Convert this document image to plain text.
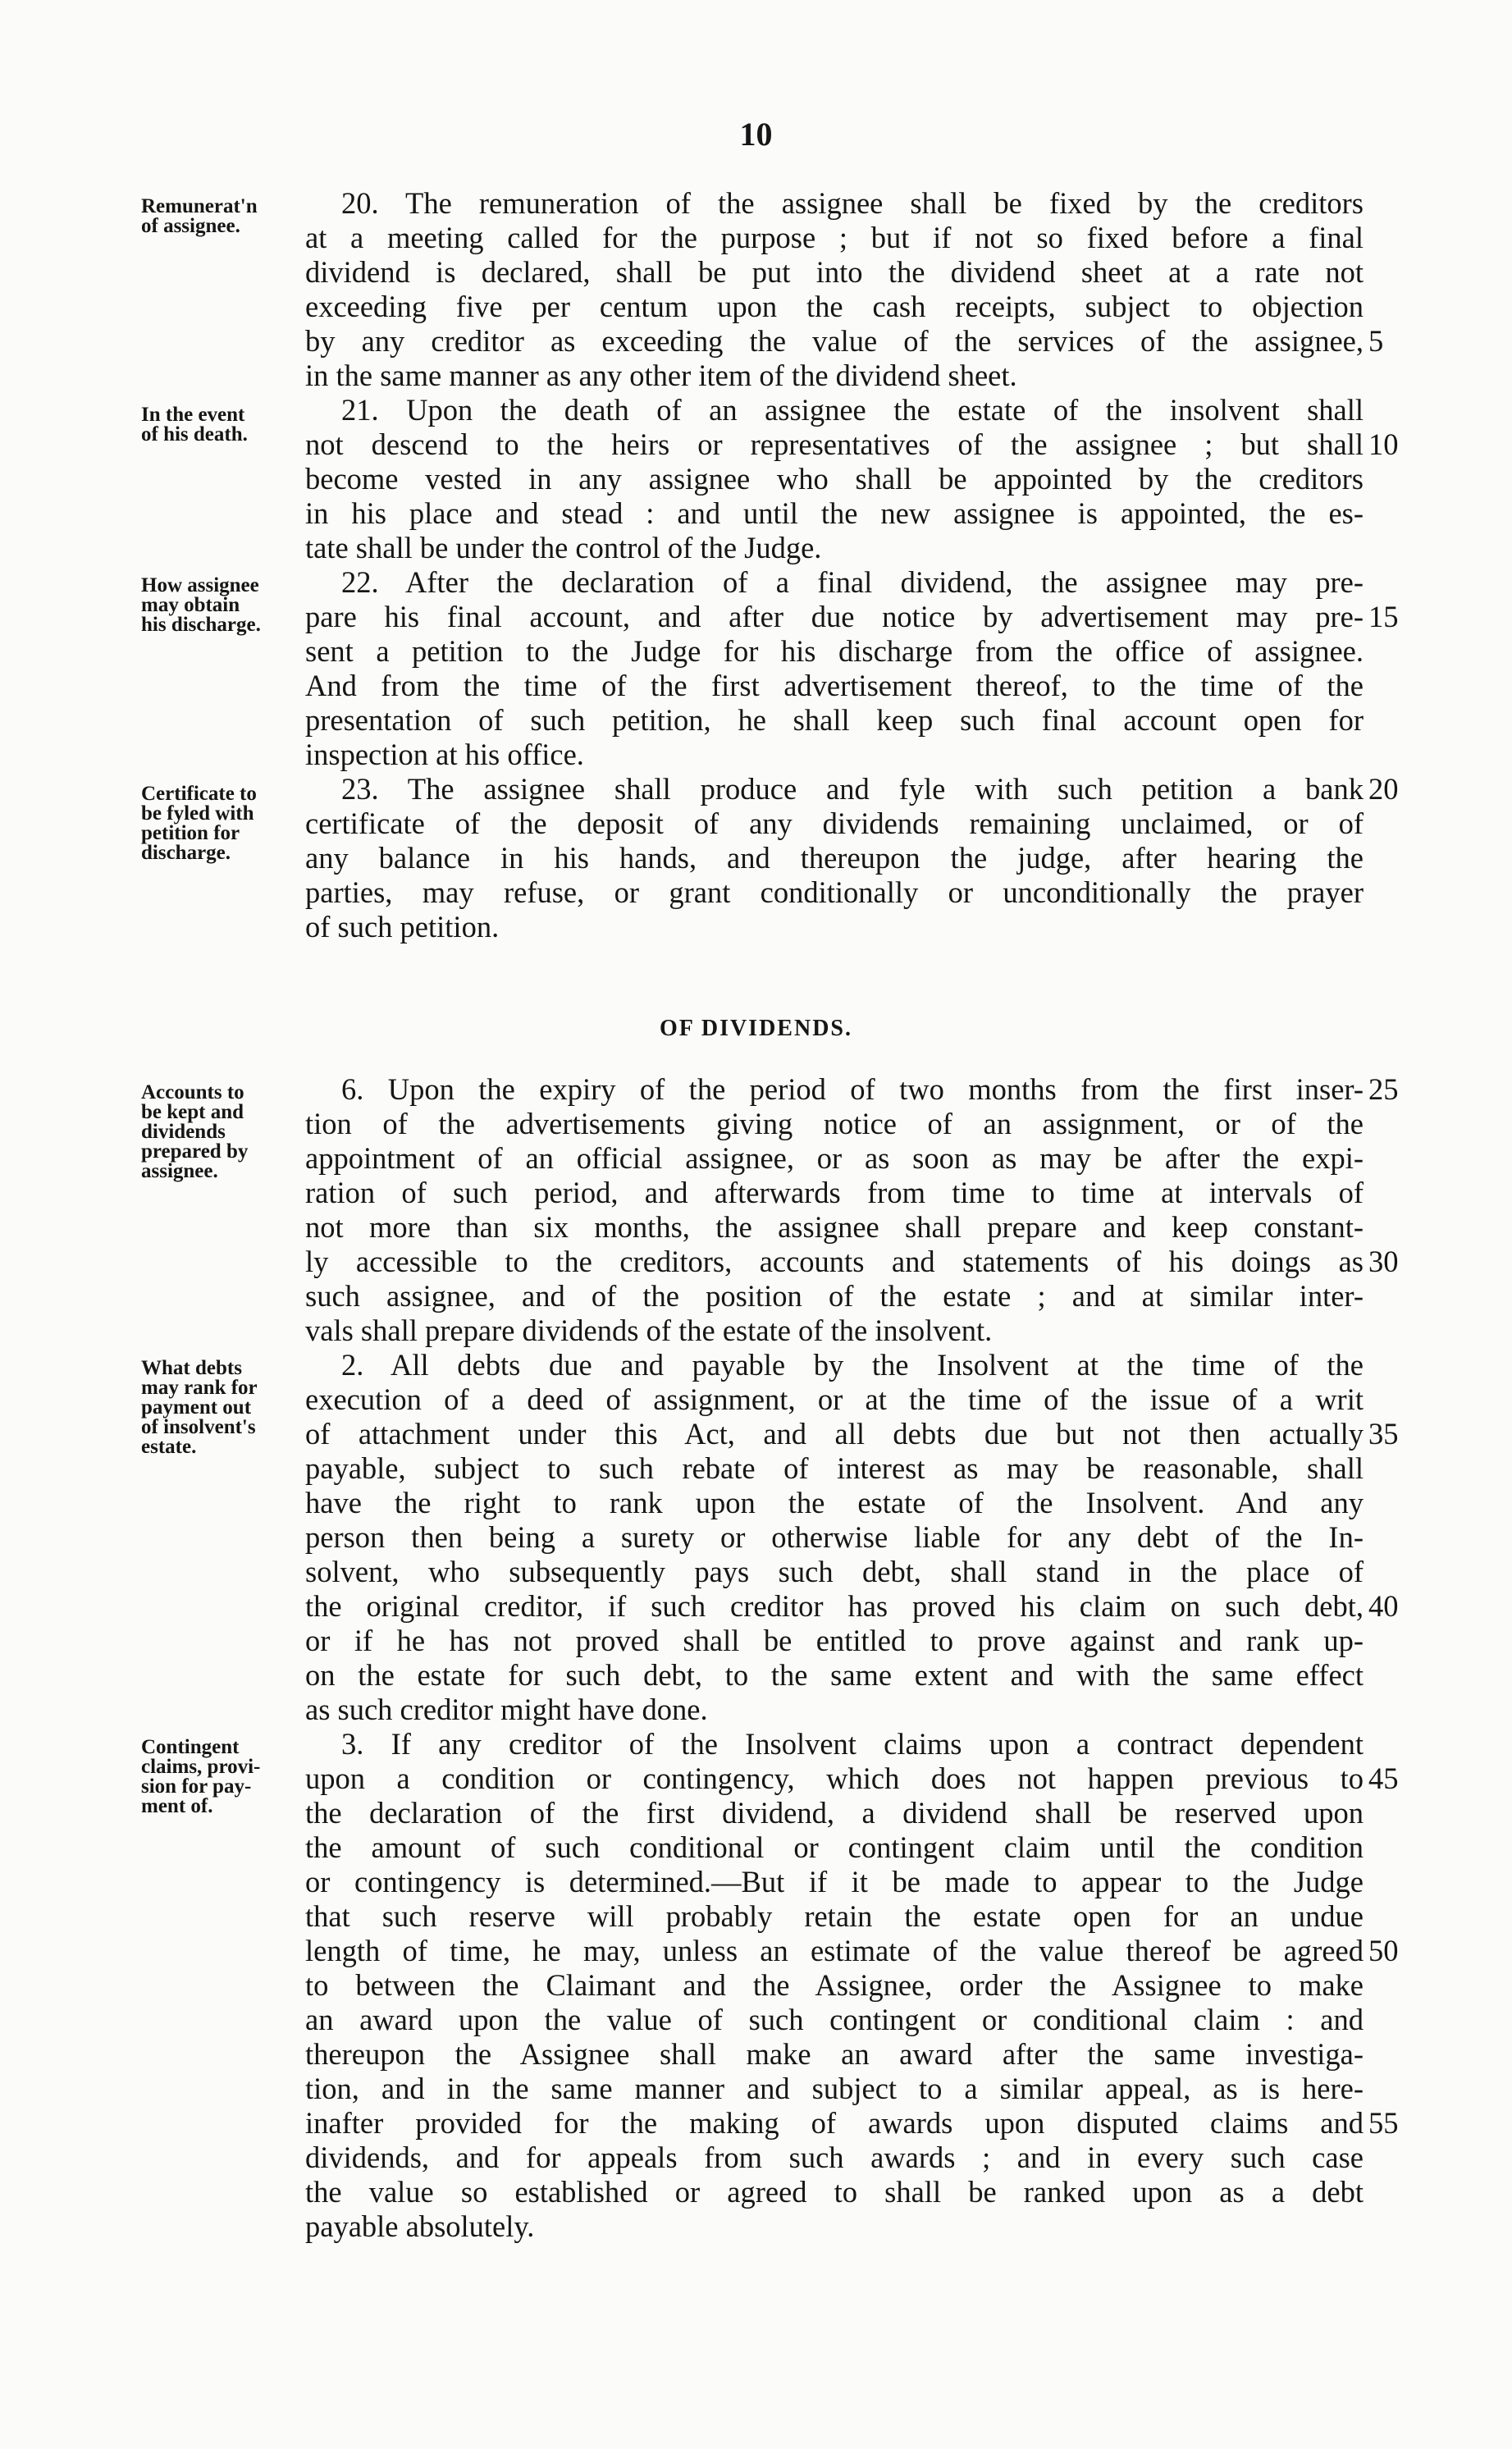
10
Remunerat'n
of assignee.
20. The remuneration of the assignee shall be fixed by the creditors
at a meeting called for the purpose ; but if not so fixed before a final
dividend is declared, shall be put into the dividend sheet at a rate not
exceeding five per centum upon the cash receipts, subject to objection
by any creditor as exceeding the value of the services of the assignee,
in the same manner as any other item of the dividend sheet.
5
In the event
of his death.
21. Upon the death of an assignee the estate of the insolvent shall
not descend to the heirs or representatives of the assignee ; but shall
become vested in any assignee who shall be appointed by the creditors
in his place and stead : and until the new assignee is appointed, the es-
tate shall be under the control of the Judge.
10
How assignee
may obtain
his discharge.
22. After the declaration of a final dividend, the assignee may pre-
pare his final account, and after due notice by advertisement may pre-
sent a petition to the Judge for his discharge from the office of assignee.
And from the time of the first advertisement thereof, to the time of the
presentation of such petition, he shall keep such final account open for
inspection at his office.
15
Certificate to
be fyled with
petition for
discharge.
23. The assignee shall produce and fyle with such petition a bank
certificate of the deposit of any dividends remaining unclaimed, or of
any balance in his hands, and thereupon the judge, after hearing the
parties, may refuse, or grant conditionally or unconditionally the prayer
of such petition.
20
OF DIVIDENDS.
Accounts to
be kept and
dividends
prepared by
assignee.
6. Upon the expiry of the period of two months from the first inser-
tion of the advertisements giving notice of an assignment, or of the
appointment of an official assignee, or as soon as may be after the expi-
ration of such period, and afterwards from time to time at intervals of
not more than six months, the assignee shall prepare and keep constant-
ly accessible to the creditors, accounts and statements of his doings as
such assignee, and of the position of the estate ; and at similar inter-
vals shall prepare dividends of the estate of the insolvent.
25
30
What debts
may rank for
payment out
of insolvent's
estate.
2. All debts due and payable by the Insolvent at the time of the
execution of a deed of assignment, or at the time of the issue of a writ
of attachment under this Act, and all debts due but not then actually
payable, subject to such rebate of interest as may be reasonable, shall
have the right to rank upon the estate of the Insolvent. And any
person then being a surety or otherwise liable for any debt of the In-
solvent, who subsequently pays such debt, shall stand in the place of
the original creditor, if such creditor has proved his claim on such debt,
or if he has not proved shall be entitled to prove against and rank up-
on the estate for such debt, to the same extent and with the same effect
as such creditor might have done.
35
40
Contingent
claims, provi-
sion for pay-
ment of.
3. If any creditor of the Insolvent claims upon a contract dependent
upon a condition or contingency, which does not happen previous to
the declaration of the first dividend, a dividend shall be reserved upon
the amount of such conditional or contingent claim until the condition
or contingency is determined.—But if it be made to appear to the Judge
that such reserve will probably retain the estate open for an undue
length of time, he may, unless an estimate of the value thereof be agreed
to between the Claimant and the Assignee, order the Assignee to make
an award upon the value of such contingent or conditional claim : and
thereupon the Assignee shall make an award after the same investiga-
tion, and in the same manner and subject to a similar appeal, as is here-
inafter provided for the making of awards upon disputed claims and
dividends, and for appeals from such awards ; and in every such case
the value so established or agreed to shall be ranked upon as a debt
payable absolutely.
45
50
55
